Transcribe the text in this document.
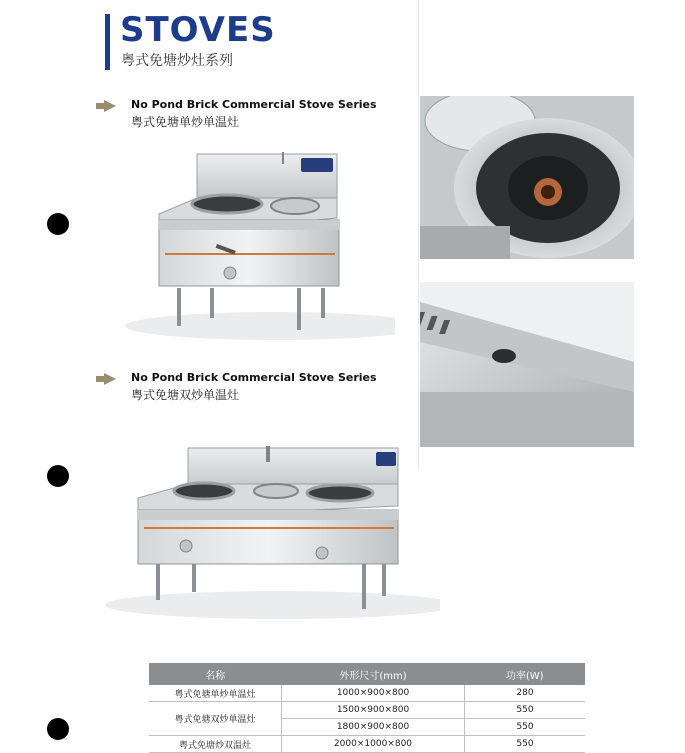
STOVES
粤式免塘炒灶系列
No Pond Brick Commercial Stove Series
粤式免塘单炒单温灶
No Pond Brick Commercial Stove Series
粤式免塘双炒单温灶
名称	外形尺寸(mm)	功率(W)
粤式免塘单炒单温灶	1000×900×800	280
粤式免塘双炒单温灶	1500×900×800	550
	1800×900×800	550
粤式免塘炒双温灶	2000×1000×800	550
